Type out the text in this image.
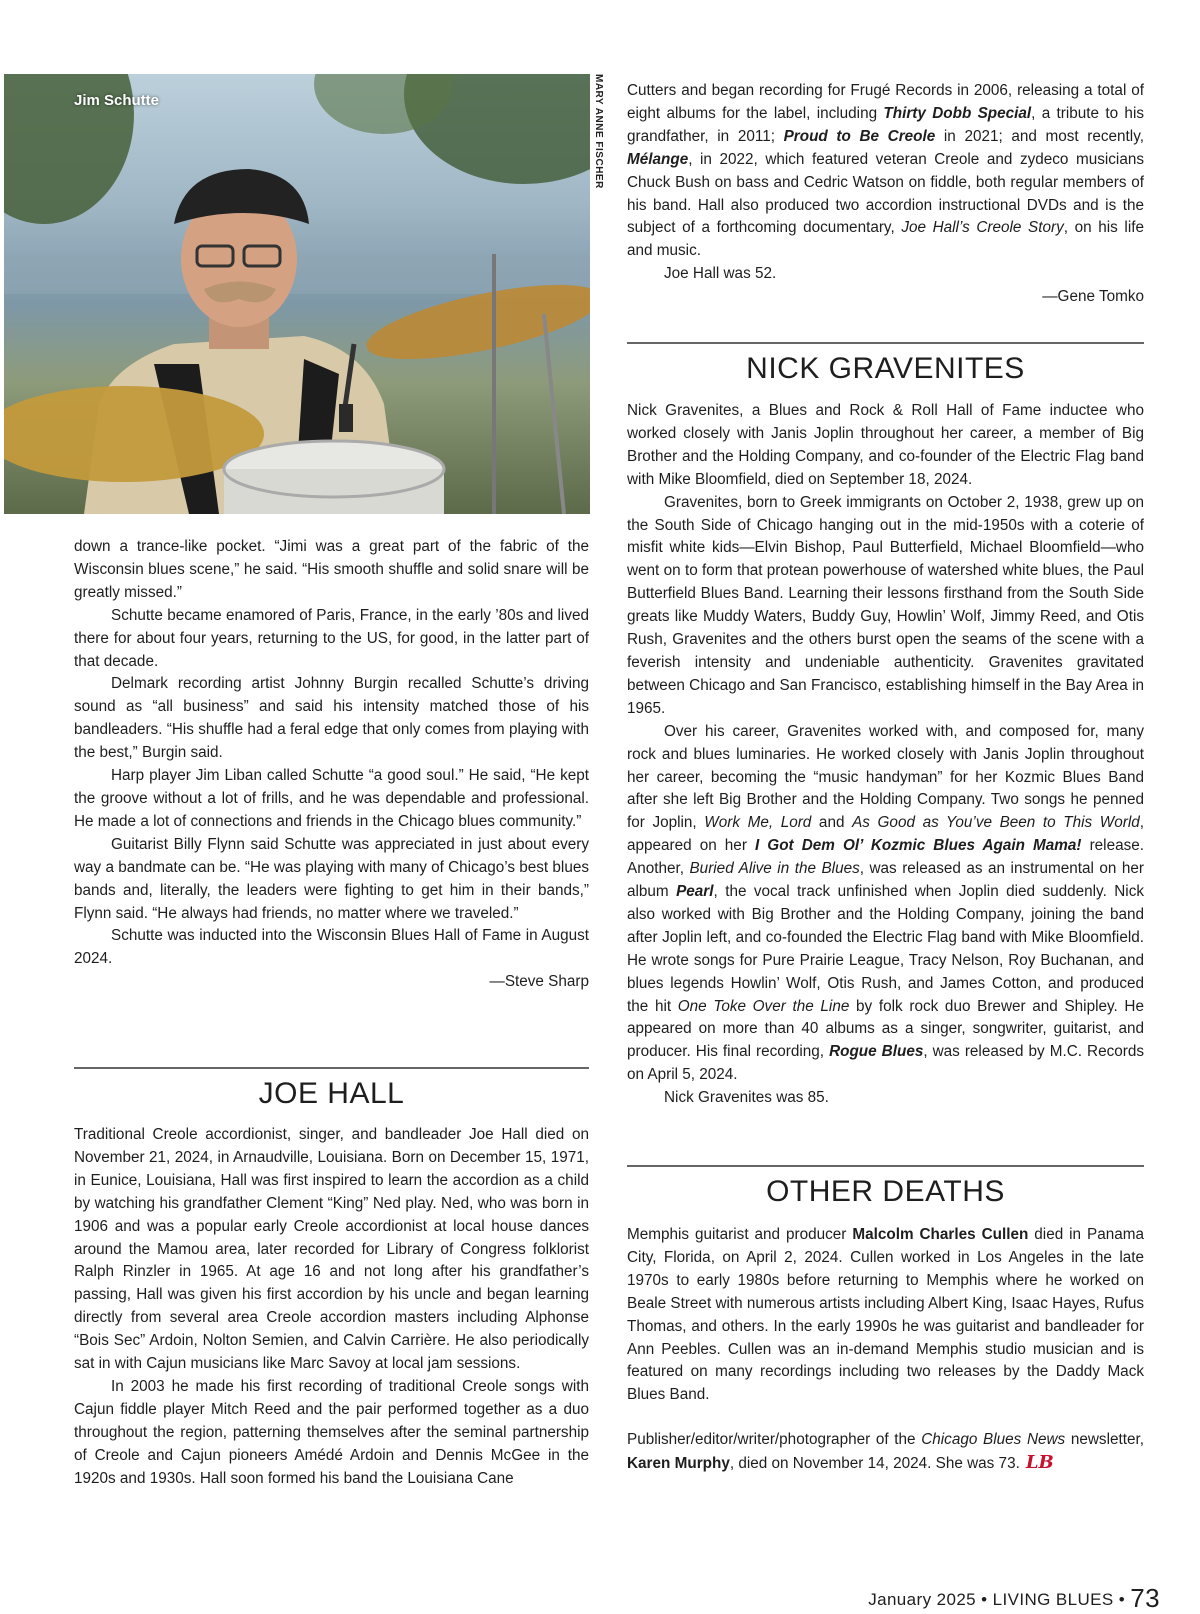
Jim Schutte	MARY ANNE FISCHER

down a trance-like pocket. “Jimi was a great part of the fabric of the Wisconsin blues scene,” he said. “His smooth shuffle and solid snare will be greatly missed.”

Schutte became enamored of Paris, France, in the early ’80s and lived there for about four years, returning to the US, for good, in the latter part of that decade.

Delmark recording artist Johnny Burgin recalled Schutte’s driving sound as “all business” and said his intensity matched those of his bandleaders. “His shuffle had a feral edge that only comes from playing with the best,” Burgin said.

Harp player Jim Liban called Schutte “a good soul.” He said, “He kept the groove without a lot of frills, and he was dependable and professional. He made a lot of connections and friends in the Chicago blues community.”

Guitarist Billy Flynn said Schutte was appreciated in just about every way a bandmate can be. “He was playing with many of Chicago’s best blues bands and, literally, the leaders were fighting to get him in their bands,” Flynn said. “He always had friends, no matter where we traveled.”

Schutte was inducted into the Wisconsin Blues Hall of Fame in August 2024.

—Steve Sharp

JOE HALL

Traditional Creole accordionist, singer, and bandleader Joe Hall died on November 21, 2024, in Arnaudville, Louisiana. Born on December 15, 1971, in Eunice, Louisiana, Hall was first inspired to learn the accordion as a child by watching his grandfather Clement “King” Ned play. Ned, who was born in 1906 and was a popular early Creole accordionist at local house dances around the Mamou area, later recorded for Library of Congress folklorist Ralph Rinzler in 1965. At age 16 and not long after his grandfather’s passing, Hall was given his first accordion by his uncle and began learning directly from several area Creole accordion masters including Alphonse “Bois Sec” Ardoin, Nolton Semien, and Calvin Carrière. He also periodically sat in with Cajun musicians like Marc Savoy at local jam sessions.

In 2003 he made his first recording of traditional Creole songs with Cajun fiddle player Mitch Reed and the pair performed together as a duo throughout the region, patterning themselves after the seminal partnership of Creole and Cajun pioneers Amédé Ardoin and Dennis McGee in the 1920s and 1930s. Hall soon formed his band the Louisiana Cane

Cutters and began recording for Frugé Records in 2006, releasing a total of eight albums for the label, including Thirty Dobb Special, a tribute to his grandfather, in 2011; Proud to Be Creole in 2021; and most recently, Mélange, in 2022, which featured veteran Creole and zydeco musicians Chuck Bush on bass and Cedric Watson on fiddle, both regular members of his band. Hall also produced two accordion instructional DVDs and is the subject of a forthcoming documentary, Joe Hall’s Creole Story, on his life and music.

Joe Hall was 52.

—Gene Tomko

NICK GRAVENITES

Nick Gravenites, a Blues and Rock & Roll Hall of Fame inductee who worked closely with Janis Joplin throughout her career, a member of Big Brother and the Holding Company, and co-founder of the Electric Flag band with Mike Bloomfield, died on September 18, 2024.

Gravenites, born to Greek immigrants on October 2, 1938, grew up on the South Side of Chicago hanging out in the mid-1950s with a coterie of misfit white kids—Elvin Bishop, Paul Butterfield, Michael Bloomfield—who went on to form that protean powerhouse of watershed white blues, the Paul Butterfield Blues Band. Learning their lessons firsthand from the South Side greats like Muddy Waters, Buddy Guy, Howlin’ Wolf, Jimmy Reed, and Otis Rush, Gravenites and the others burst open the seams of the scene with a feverish intensity and undeniable authenticity. Gravenites gravitated between Chicago and San Francisco, establishing himself in the Bay Area in 1965.

Over his career, Gravenites worked with, and composed for, many rock and blues luminaries. He worked closely with Janis Joplin throughout her career, becoming the “music handyman” for her Kozmic Blues Band after she left Big Brother and the Holding Company. Two songs he penned for Joplin, Work Me, Lord and As Good as You’ve Been to This World, appeared on her I Got Dem Ol’ Kozmic Blues Again Mama! release. Another, Buried Alive in the Blues, was released as an instrumental on her album Pearl, the vocal track unfinished when Joplin died suddenly. Nick also worked with Big Brother and the Holding Company, joining the band after Joplin left, and co-founded the Electric Flag band with Mike Bloomfield. He wrote songs for Pure Prairie League, Tracy Nelson, Roy Buchanan, and blues legends Howlin’ Wolf, Otis Rush, and James Cotton, and produced the hit One Toke Over the Line by folk rock duo Brewer and Shipley. He appeared on more than 40 albums as a singer, songwriter, guitarist, and producer. His final recording, Rogue Blues, was released by M.C. Records on April 5, 2024.

Nick Gravenites was 85.

OTHER DEATHS

Memphis guitarist and producer Malcolm Charles Cullen died in Panama City, Florida, on April 2, 2024. Cullen worked in Los Angeles in the late 1970s to early 1980s before returning to Memphis where he worked on Beale Street with numerous artists including Albert King, Isaac Hayes, Rufus Thomas, and others. In the early 1990s he was guitarist and bandleader for Ann Peebles. Cullen was an in-demand Memphis studio musician and is featured on many recordings including two releases by the Daddy Mack Blues Band.

Publisher/editor/writer/photographer of the Chicago Blues News newsletter, Karen Murphy, died on November 14, 2024. She was 73. LB

January 2025 • LIVING BLUES • 73
